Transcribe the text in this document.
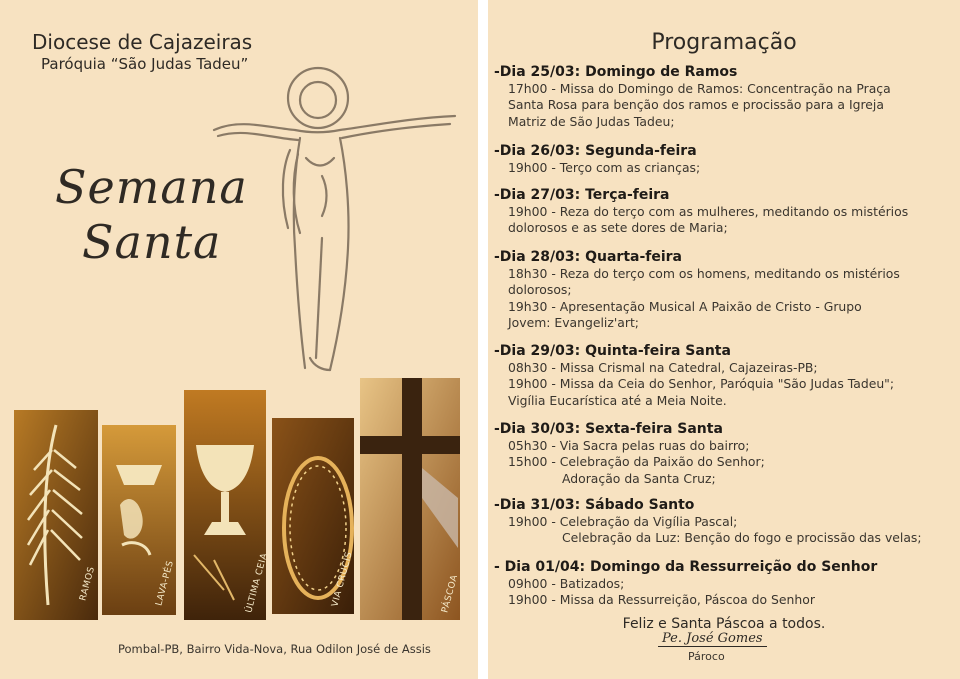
Diocese de Cajazeiras
Paróquia “São Judas Tadeu”
Semana
Santa
RAMOS	LAVA-PÉS	ÚLTIMA CEIA	VIA CRUCIS	PÁSCOA
Pombal-PB, Bairro Vida-Nova, Rua Odilon José de Assis
Programação
-Dia 25/03: Domingo de Ramos
17h00 - Missa do Domingo de Ramos: Concentração na Praça
Santa Rosa para benção dos ramos e procissão para a Igreja
Matriz de São Judas Tadeu;
-Dia 26/03: Segunda-feira
19h00 - Terço com as crianças;
-Dia 27/03: Terça-feira
19h00 - Reza do terço com as mulheres, meditando os mistérios
dolorosos e as sete dores de Maria;
-Dia 28/03: Quarta-feira
18h30 - Reza do terço com os homens, meditando os mistérios
dolorosos;
19h30 - Apresentação Musical A Paixão de Cristo - Grupo
Jovem: Evangeliz'art;
-Dia 29/03: Quinta-feira Santa
08h30 - Missa Crismal na Catedral, Cajazeiras-PB;
19h00 - Missa da Ceia do Senhor, Paróquia "São Judas Tadeu";
Vigília Eucarística até a Meia Noite.
-Dia 30/03: Sexta-feira Santa
05h30 - Via Sacra pelas ruas do bairro;
15h00 - Celebração da Paixão do Senhor;
Adoração da Santa Cruz;
-Dia 31/03: Sábado Santo
19h00 - Celebração da Vigília Pascal;
Celebração da Luz: Benção do fogo e procissão das velas;
- Dia 01/04: Domingo da Ressurreição do Senhor
09h00 - Batizados;
19h00 - Missa da Ressurreição, Páscoa do Senhor
Feliz e Santa Páscoa a todos.
Pe. José Gomes
Pároco
